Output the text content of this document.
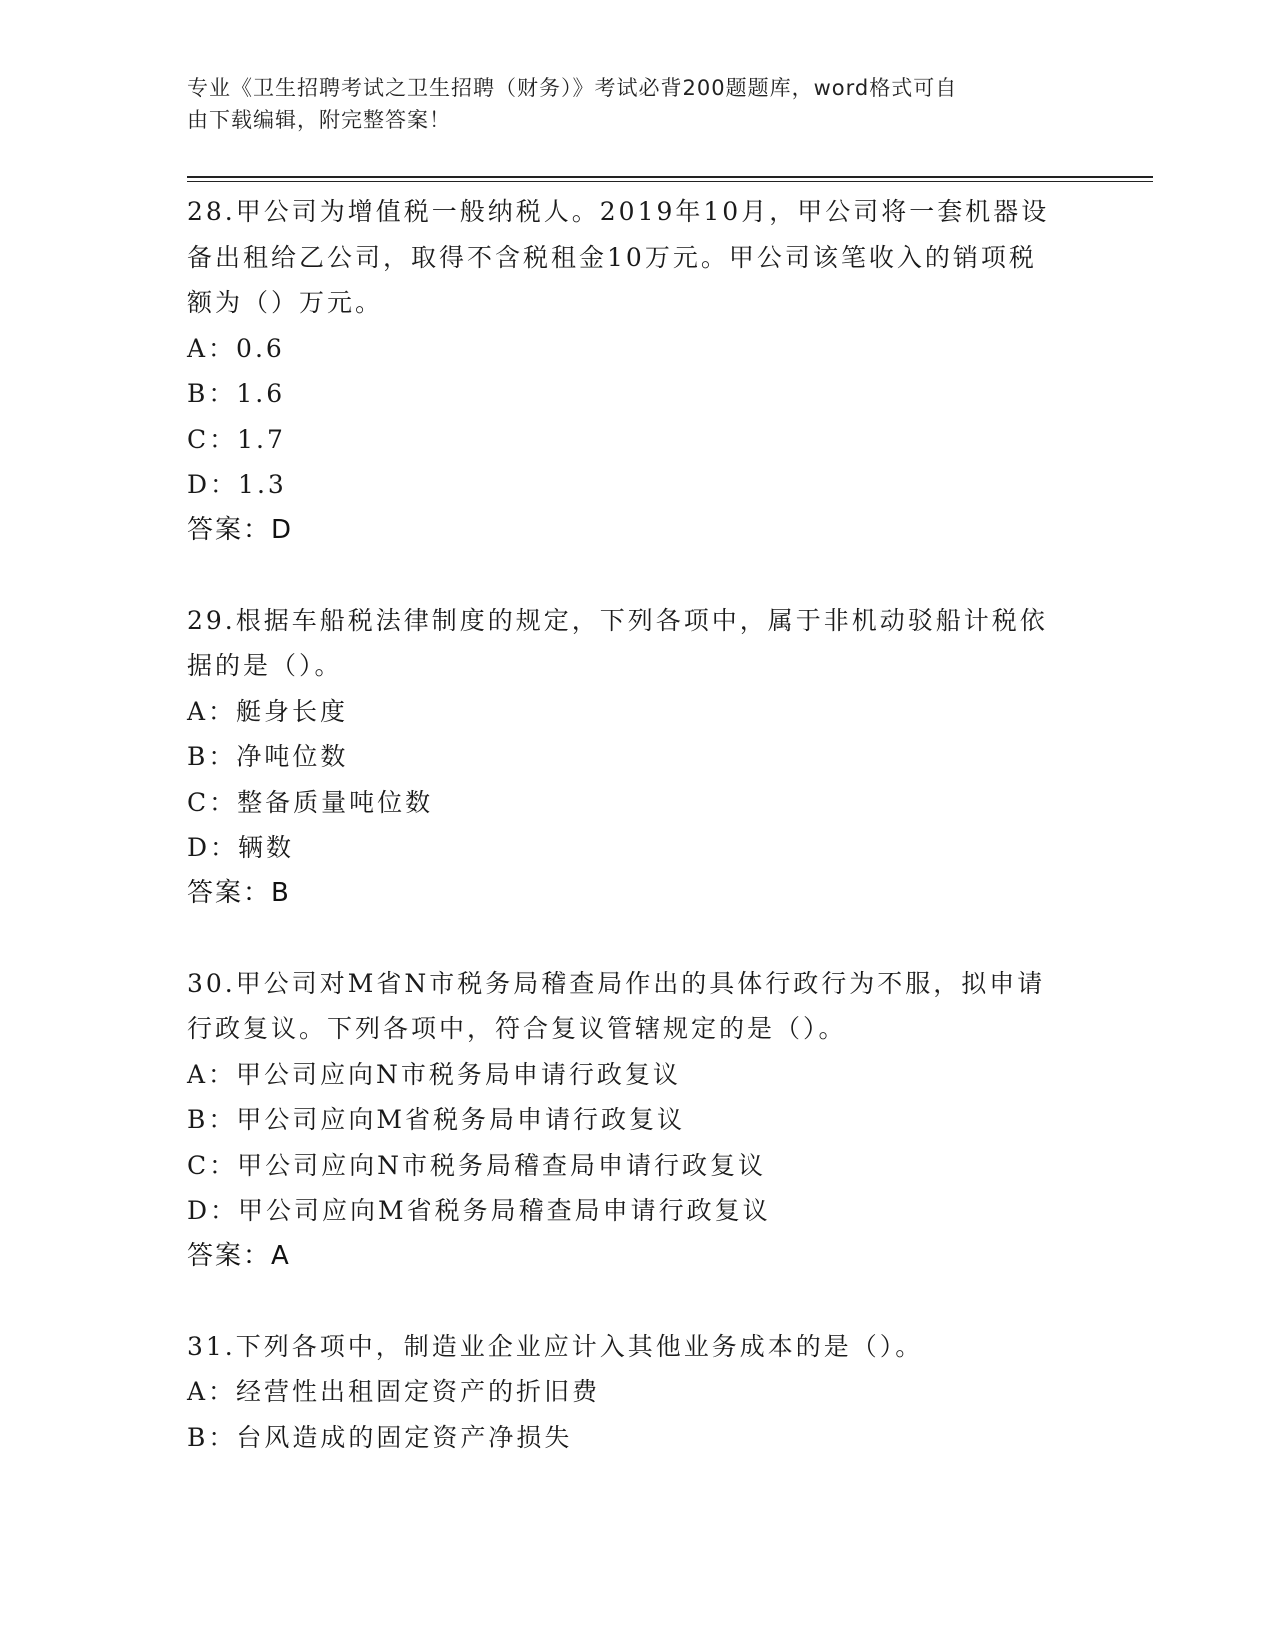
专业《卫生招聘考试之卫生招聘（财务）》考试必背200题题库，word格式可自
由下载编辑，附完整答案！
28.甲公司为增值税一般纳税人。2019年10月，甲公司将一套机器设
备出租给乙公司，取得不含税租金10万元。甲公司该笔收入的销项税
额为（）万元。
A：0.6
B：1.6
C：1.7
D：1.3
答案：D
29.根据车船税法律制度的规定，下列各项中，属于非机动驳船计税依
据的是（）。
A：艇身长度
B：净吨位数
C：整备质量吨位数
D：辆数
答案：B
30.甲公司对M省N市税务局稽查局作出的具体行政行为不服，拟申请
行政复议。下列各项中，符合复议管辖规定的是（）。
A：甲公司应向N市税务局申请行政复议
B：甲公司应向M省税务局申请行政复议
C：甲公司应向N市税务局稽查局申请行政复议
D：甲公司应向M省税务局稽查局申请行政复议
答案：A
31.下列各项中，制造业企业应计入其他业务成本的是（）。
A：经营性出租固定资产的折旧费
B：台风造成的固定资产净损失
